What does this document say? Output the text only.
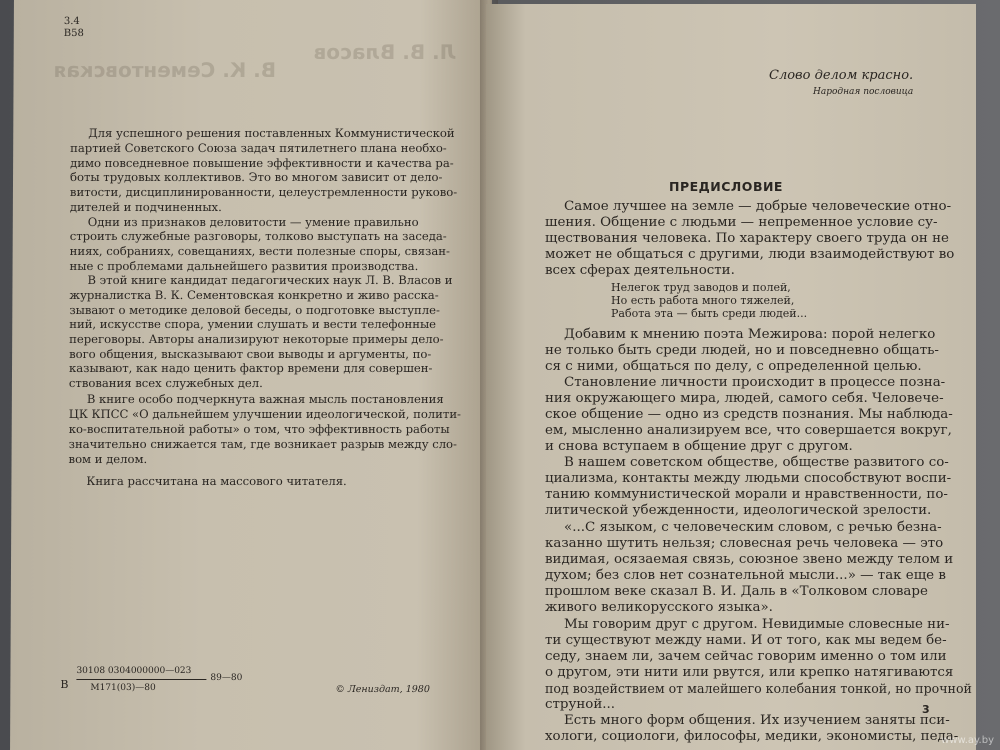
Л. В. Власов
В. К. Сементовская
3.4
В58
Для успешного решения поставленных Коммунистической
партией Советского Союза задач пятилетнего плана необхо-
димо повседневное повышение эффективности и качества ра-
боты трудовых коллективов. Это во многом зависит от дело-
витости, дисциплинированности, целеустремленности руково-
дителей и подчиненных.
Одни из признаков деловитости — умение правильно
строить служебные разговоры, толково выступать на заседа-
ниях, собраниях, совещаниях, вести полезные споры, связан-
ные с проблемами дальнейшего развития производства.
В этой книге кандидат педагогических наук Л. В. Власов и
журналистка В. К. Сементовская конкретно и живо расска-
зывают о методике деловой беседы, о подготовке выступле-
ний, искусстве спора, умении слушать и вести телефонные
переговоры. Авторы анализируют некоторые примеры дело-
вого общения, высказывают свои выводы и аргументы, по-
казывают, как надо ценить фактор времени для совершен-
ствования всех служебных дел.
В книге особо подчеркнута важная мысль постановления
ЦК КПСС «О дальнейшем улучшении идеологической, полити-
ко-воспитательной работы» о том, что эффективность работы
значительно снижается там, где возникает разрыв между сло-
вом и делом.
Книга рассчитана на массового читателя.
В
30108 0304000000—023
89—80
М171(03)—80	© Лениздат, 1980
Слово делом красно.
Народная пословица
ПРЕДИСЛОВИЕ
Самое лучшее на земле — добрые человеческие отно-
шения. Общение с людьми — непременное условие су-
ществования человека. По характеру своего труда он не
может не общаться с другими, люди взаимодействуют во
всех сферах деятельности.
Нелегок труд заводов и полей,
Но есть работа много тяжелей,
Работа эта — быть среди людей...
Добавим к мнению поэта Межирова: порой нелегко
не только быть среди людей, но и повседневно общать-
ся с ними, общаться по делу, с определенной целью.
Становление личности происходит в процессе позна-
ния окружающего мира, людей, самого себя. Человече-
ское общение — одно из средств познания. Мы наблюда-
ем, мысленно анализируем все, что совершается вокруг,
и снова вступаем в общение друг с другом.
В нашем советском обществе, обществе развитого со-
циализма, контакты между людьми способствуют воспи-
танию коммунистической морали и нравственности, по-
литической убежденности, идеологической зрелости.
«...С языком, с человеческим словом, с речью безна-
казанно шутить нельзя; словесная речь человека — это
видимая, осязаемая связь, союзное звено между телом и
духом; без слов нет сознательной мысли...» — так еще в
прошлом веке сказал В. И. Даль в «Толковом словаре
живого великорусского языка».
Мы говорим друг с другом. Невидимые словесные ни-
ти существуют между нами. И от того, как мы ведем бе-
седу, знаем ли, зачем сейчас говорим именно о том или
о другом, эти нити или рвутся, или крепко натягиваются
под воздействием от малейшего колебания тонкой, но прочной
струной...
Есть много форм общения. Их изучением заняты пси-
хологи, социологи, философы, медики, экономисты, педа-
3
www.ay.by
